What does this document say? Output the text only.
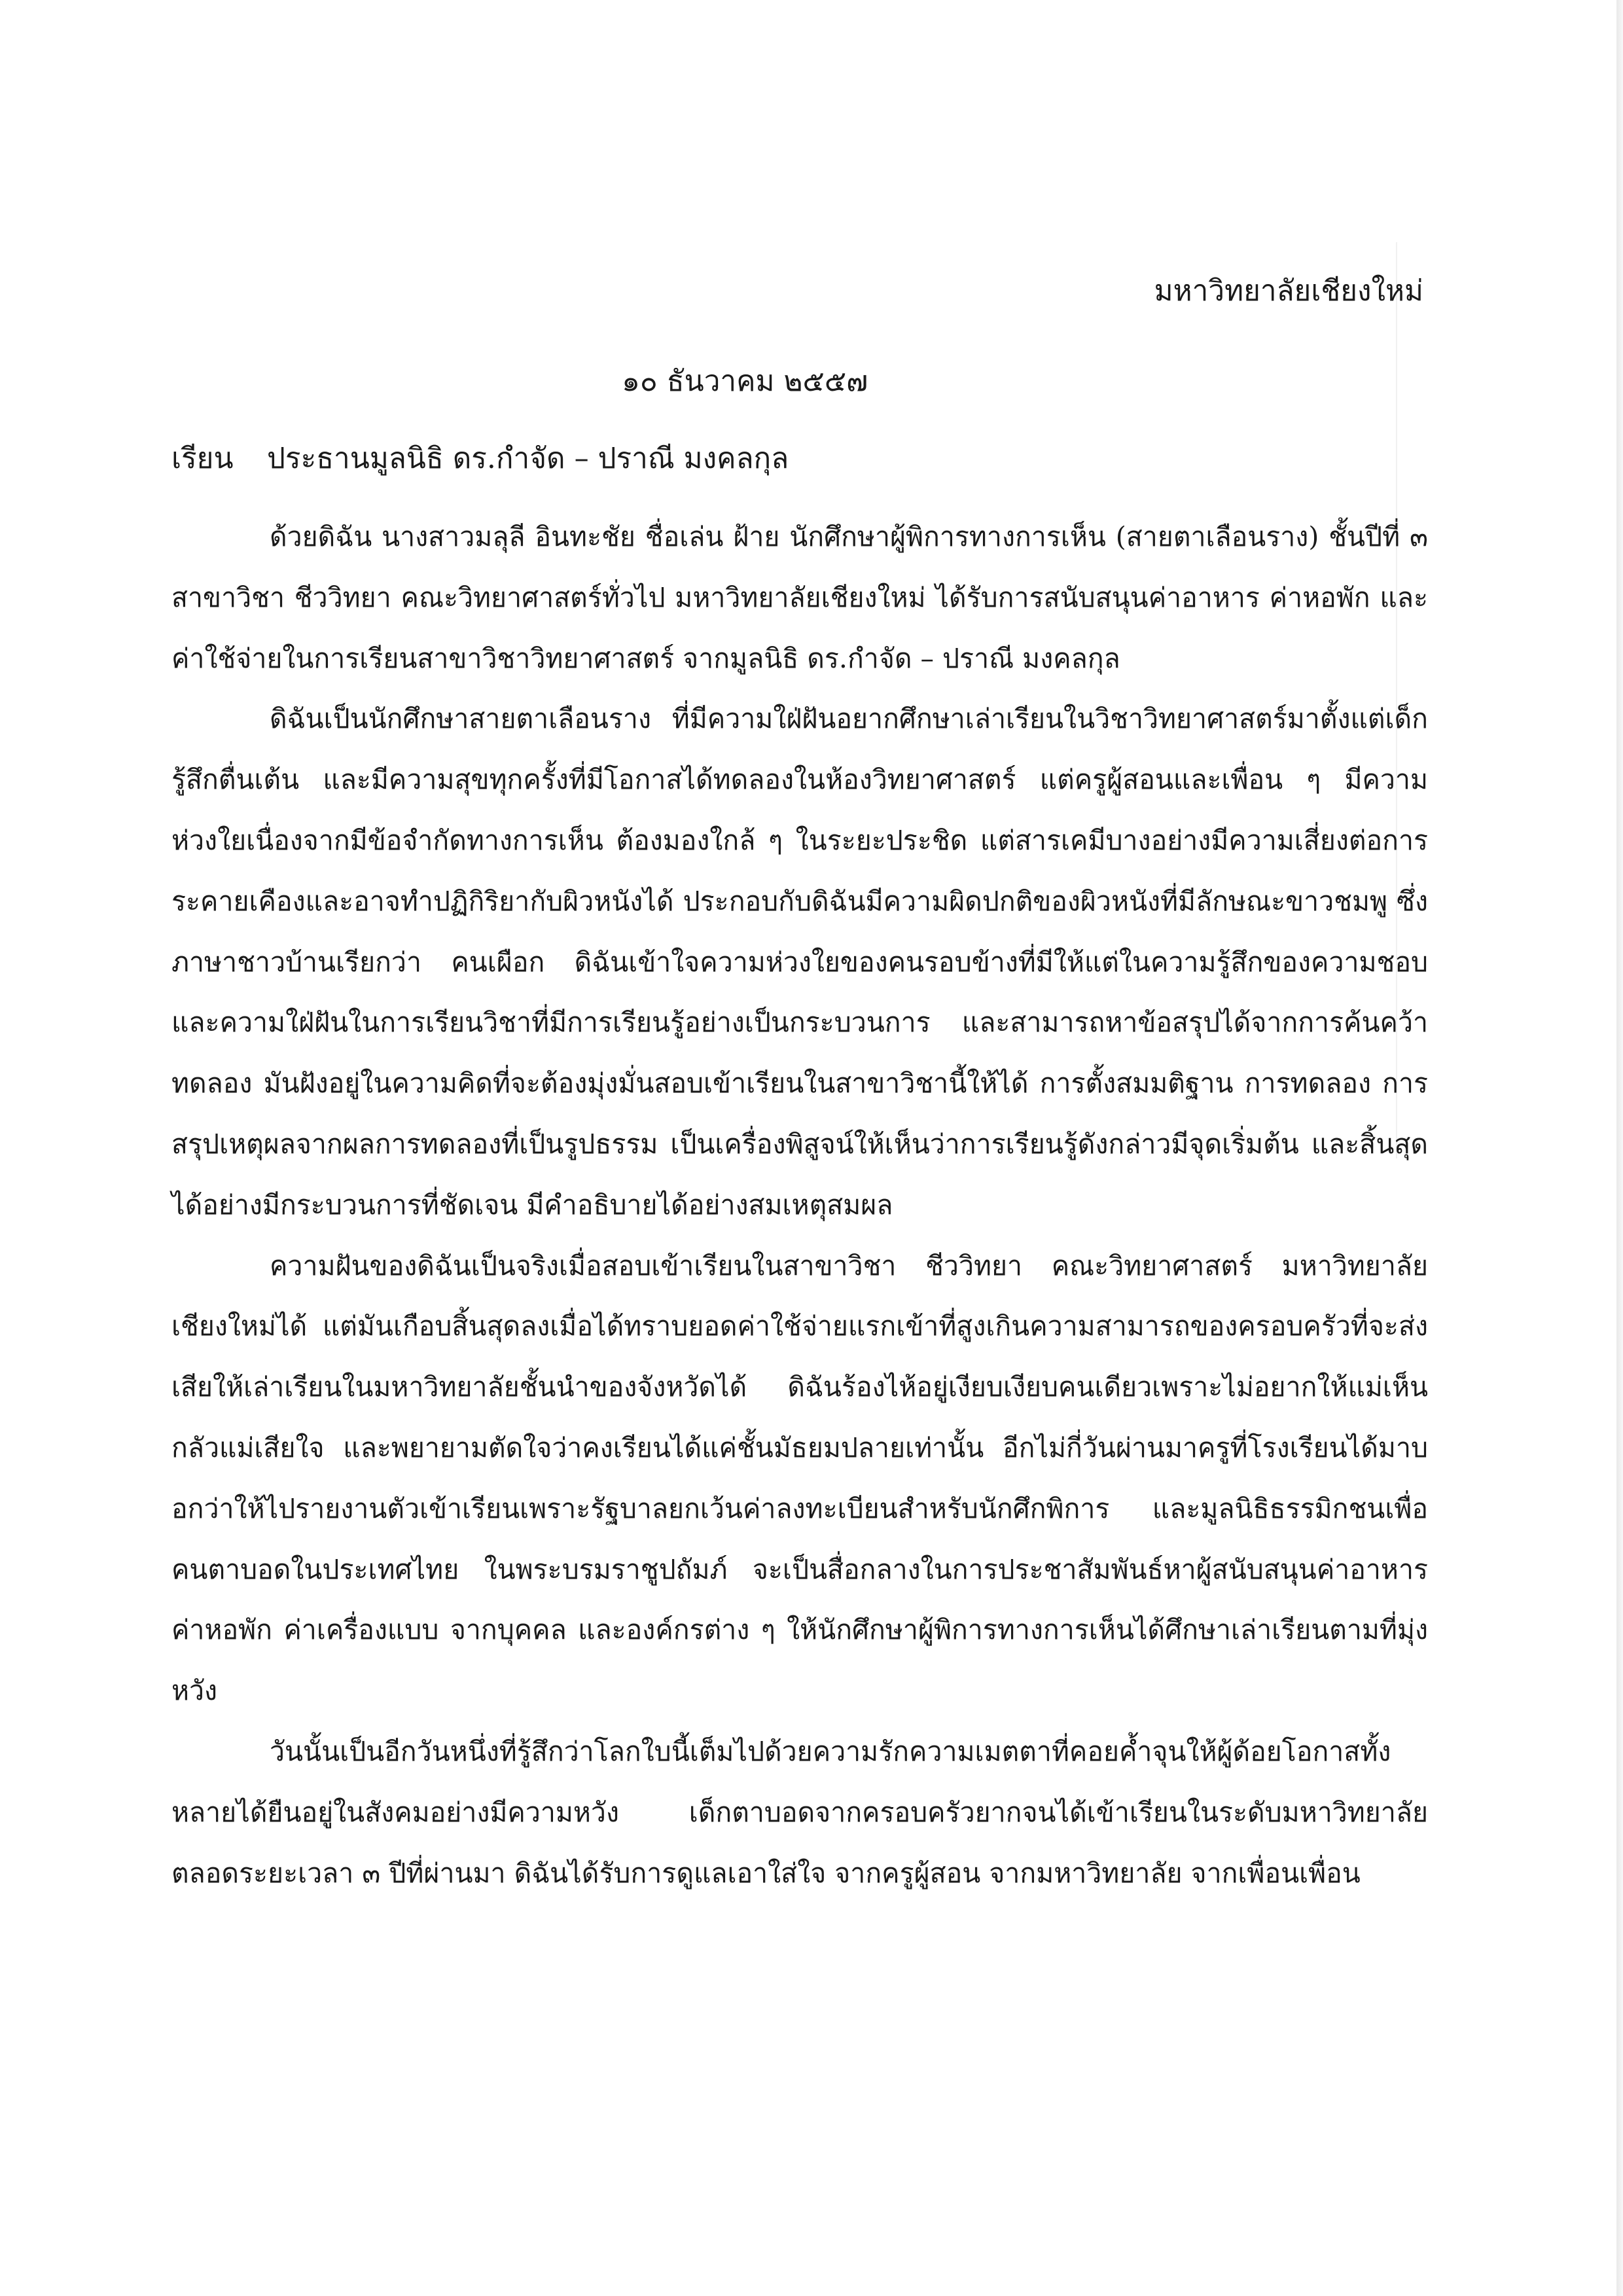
มหาวิทยาลัยเชียงใหม่
๑๐ ธันวาคม ๒๕๕๗
เรียน ประธานมูลนิธิ ดร.กำจัด – ปราณี มงคลกุล

ด้วยดิฉัน นางสาวมลุลี อินทะชัย ชื่อเล่น ฝ้าย นักศึกษาผู้พิการทางการเห็น (สายตาเลือนราง) ชั้นปีที่ ๓ สาขาวิชา ชีววิทยา คณะวิทยาศาสตร์ทั่วไป มหาวิทยาลัยเชียงใหม่ ได้รับการสนับสนุนค่าอาหาร ค่าหอพัก และค่าใช้จ่ายในการเรียนสาขาวิชาวิทยาศาสตร์ จากมูลนิธิ ดร.กำจัด – ปราณี มงคลกุล

ดิฉันเป็นนักศึกษาสายตาเลือนราง ที่มีความใฝ่ฝันอยากศึกษาเล่าเรียนในวิชาวิทยาศาสตร์มาตั้งแต่เด็ก รู้สึกตื่นเต้น และมีความสุขทุกครั้งที่มีโอกาสได้ทดลองในห้องวิทยาศาสตร์ แต่ครูผู้สอนและเพื่อน ๆ มีความห่วงใยเนื่องจากมีข้อจำกัดทางการเห็น ต้องมองใกล้ ๆ ในระยะประชิด แต่สารเคมีบางอย่างมีความเสี่ยงต่อการระคายเคืองและอาจทำปฏิกิริยากับผิวหนังได้ ประกอบกับดิฉันมีความผิดปกติของผิวหนังที่มีลักษณะขาวชมพู ซึ่งภาษาชาวบ้านเรียกว่า คนเผือก ดิฉันเข้าใจความห่วงใยของคนรอบข้างที่มีให้แต่ในความรู้สึกของความชอบและความใฝ่ฝันในการเรียนวิชาที่มีการเรียนรู้อย่างเป็นกระบวนการ และสามารถหาข้อสรุปได้จากการค้นคว้าทดลอง มันฝังอยู่ในความคิดที่จะต้องมุ่งมั่นสอบเข้าเรียนในสาขาวิชานี้ให้ได้ การตั้งสมมติฐาน การทดลอง การสรุปเหตุผลจากผลการทดลองที่เป็นรูปธรรม เป็นเครื่องพิสูจน์ให้เห็นว่าการเรียนรู้ดังกล่าวมีจุดเริ่มต้น และสิ้นสุดได้อย่างมีกระบวนการที่ชัดเจน มีคำอธิบายได้อย่างสมเหตุสมผล

ความฝันของดิฉันเป็นจริงเมื่อสอบเข้าเรียนในสาขาวิชา ชีววิทยา คณะวิทยาศาสตร์ มหาวิทยาลัยเชียงใหม่ได้ แต่มันเกือบสิ้นสุดลงเมื่อได้ทราบยอดค่าใช้จ่ายแรกเข้าที่สูงเกินความสามารถของครอบครัวที่จะส่งเสียให้เล่าเรียนในมหาวิทยาลัยชั้นนำของจังหวัดได้ ดิฉันร้องไห้อยู่เงียบเงียบคนเดียวเพราะไม่อยากให้แม่เห็นกลัวแม่เสียใจ และพยายามตัดใจว่าคงเรียนได้แค่ชั้นมัธยมปลายเท่านั้น อีกไม่กี่วันผ่านมาครูที่โรงเรียนได้มาบอกว่าให้ไปรายงานตัวเข้าเรียนเพราะรัฐบาลยกเว้นค่าลงทะเบียนสำหรับนักศึกพิการ และมูลนิธิธรรมิกชนเพื่อคนตาบอดในประเทศไทย ในพระบรมราชูปถัมภ์ จะเป็นสื่อกลางในการประชาสัมพันธ์หาผู้สนับสนุนค่าอาหาร ค่าหอพัก ค่าเครื่องแบบ จากบุคคล และองค์กรต่าง ๆ ให้นักศึกษาผู้พิการทางการเห็นได้ศึกษาเล่าเรียนตามที่มุ่งหวัง

วันนั้นเป็นอีกวันหนึ่งที่รู้สึกว่าโลกใบนี้เต็มไปด้วยความรักความเมตตาที่คอยค้ำจุนให้ผู้ด้อยโอกาสทั้งหลายได้ยืนอยู่ในสังคมอย่างมีความหวัง เด็กตาบอดจากครอบครัวยากจนได้เข้าเรียนในระดับมหาวิทยาลัย ตลอดระยะเวลา ๓ ปีที่ผ่านมา ดิฉันได้รับการดูแลเอาใส่ใจ จากครูผู้สอน จากมหาวิทยาลัย จากเพื่อนเพื่อน
